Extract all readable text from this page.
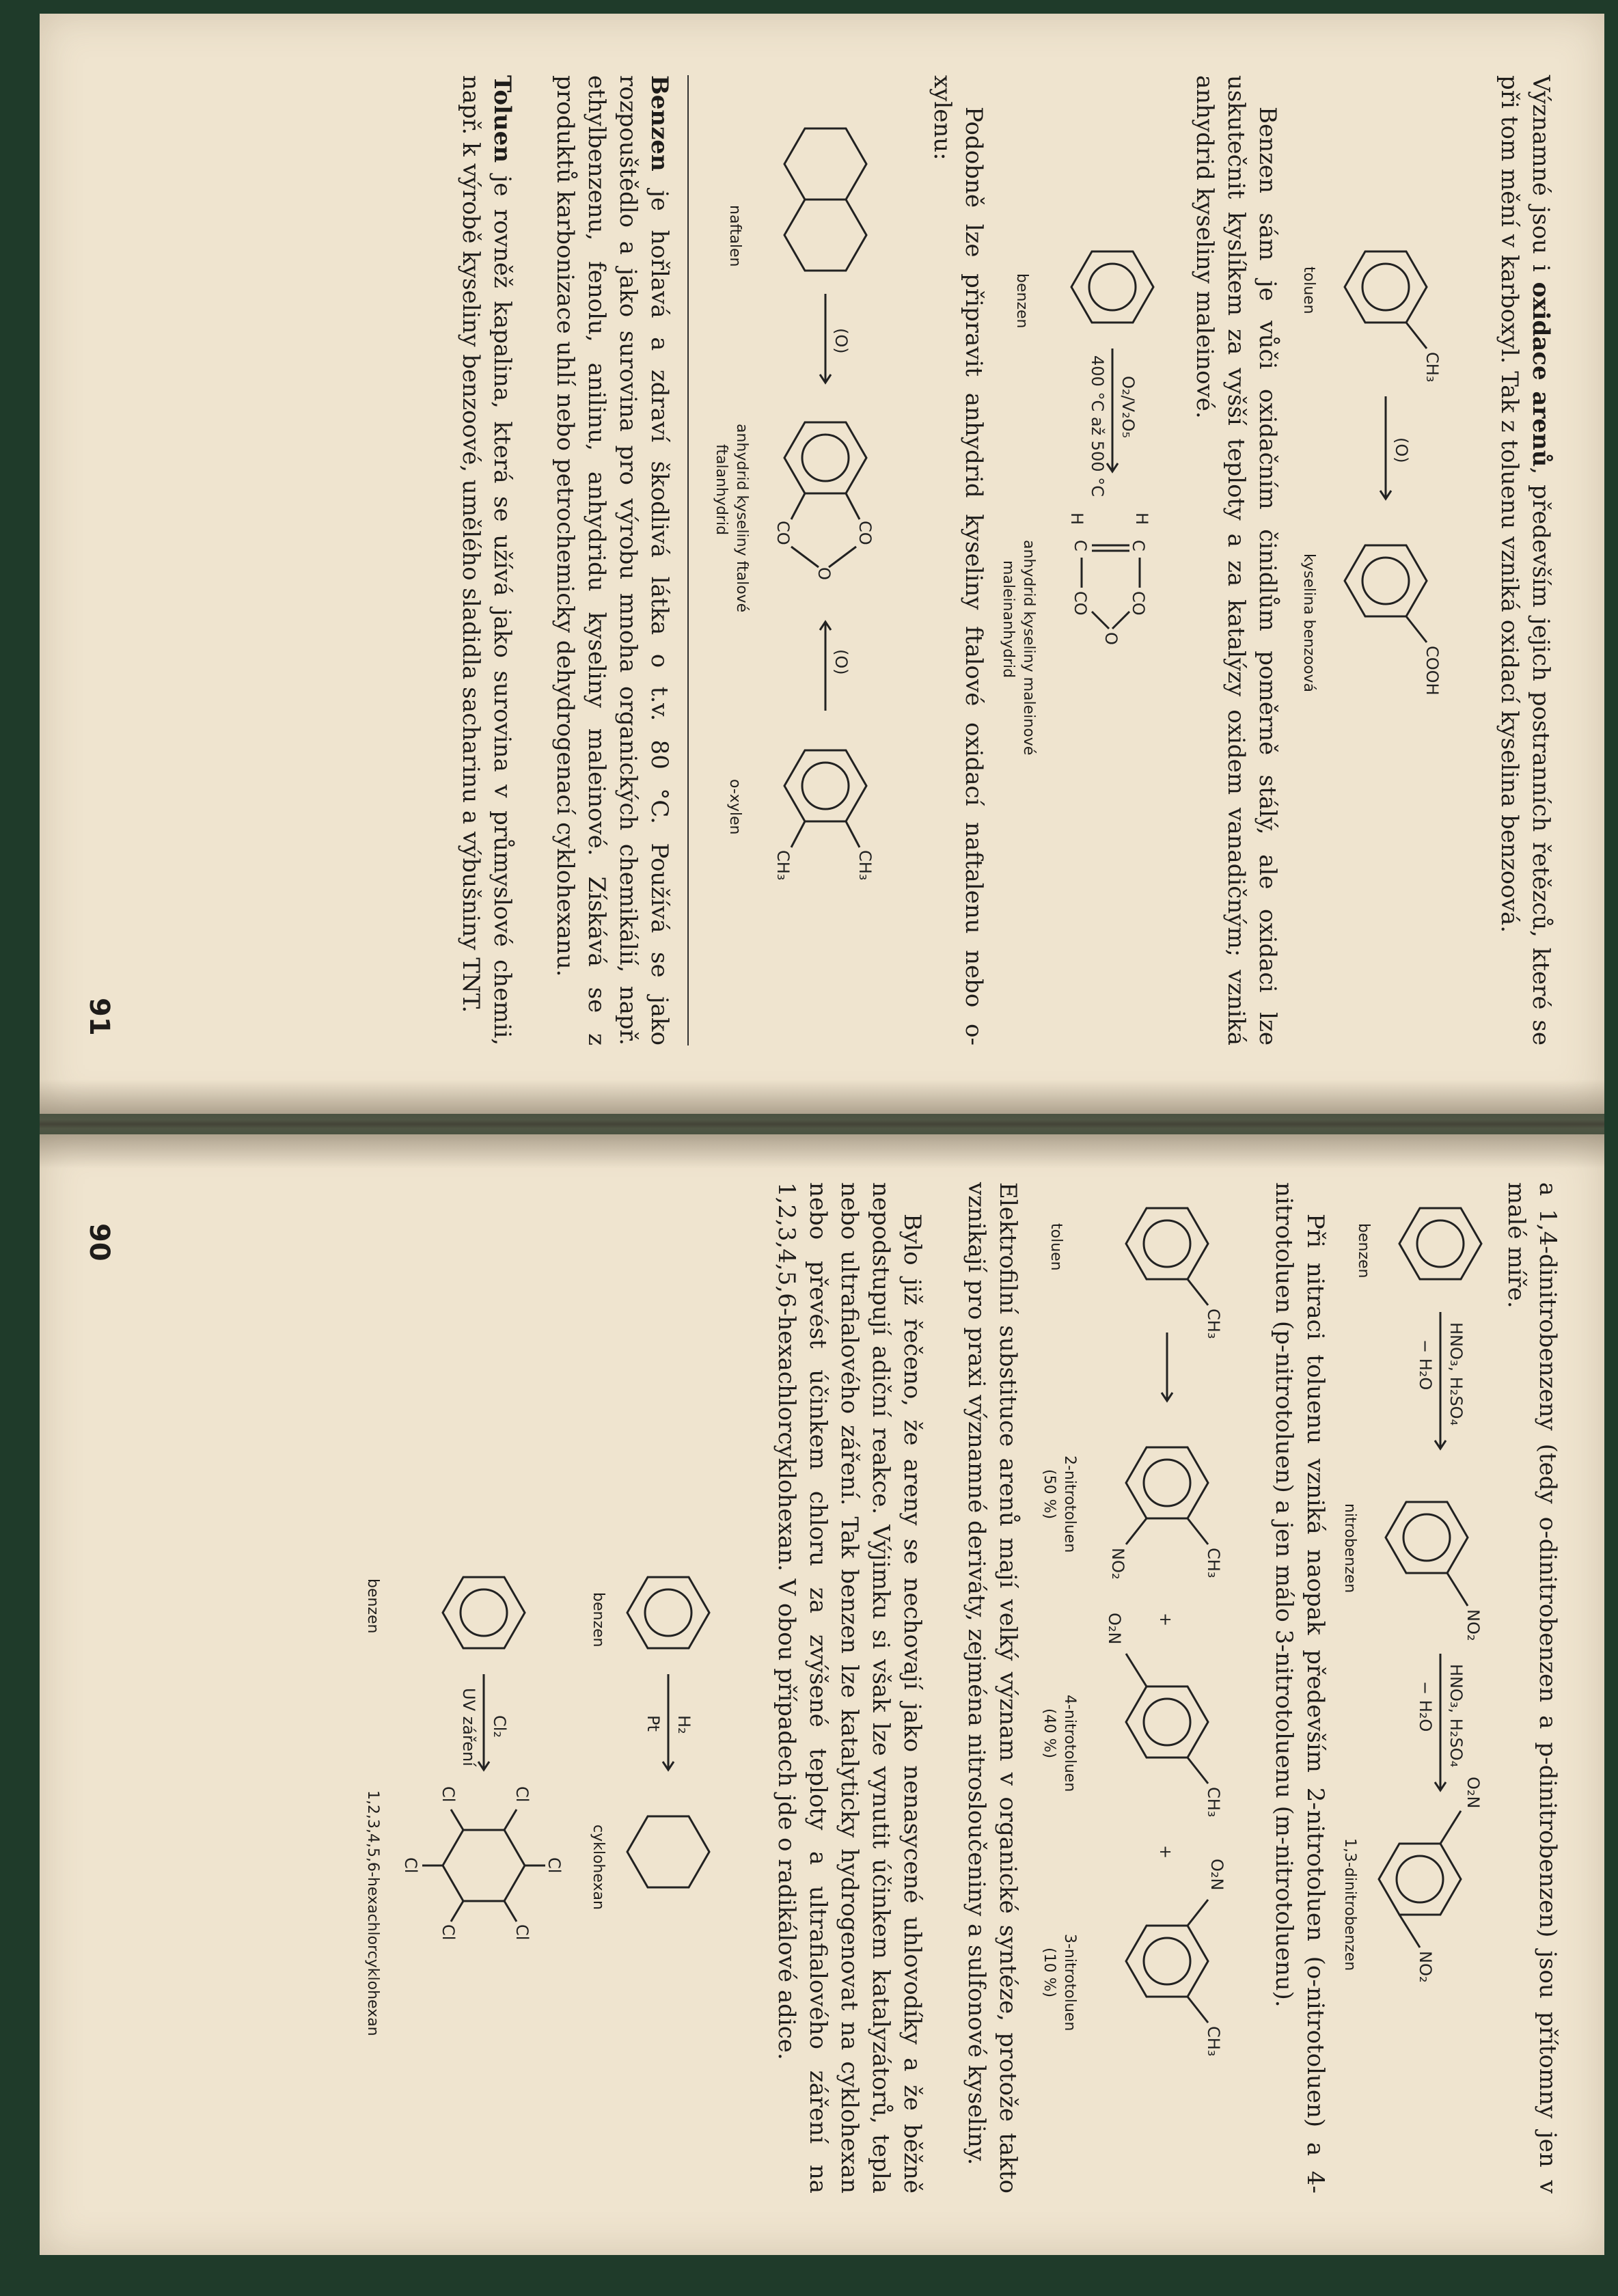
a 1,4-dinitrobenzeny (tedy o-dinitrobenzen a p-dinitrobenzen) jsou přítomny jen v malé míře.
HNO₃, H₂SO₄
− H₂O
NO₂
HNO₃, H₂SO₄
− H₂O
O₂N
NO₂
benzen
nitrobenzen
1,3-dinitrobenzen
Při nitraci toluenu vzniká naopak především 2-nitrotoluen (o-nitrotoluen) a 4-nitrotoluen (p-nitrotoluen) a jen málo 3-nitrotoluenu (m-nitrotoluenu).
CH₃
CH₃
NO₂
+
CH₃
O₂N
+
CH₃
O₂N
toluen
2-nitrotoluen
(50 %)
4-nitrotoluen
(40 %)
3-nitrotoluen
(10 %)
Elektrofilní substituce arenů mají velký význam v organické syntéze, protože takto vznikají pro praxi významné deriváty, zejména nitrosloučeniny a sulfonové kyseliny.
Bylo již řečeno, že areny se nechovají jako nenasycené uhlovodíky a že běžně nepodstupují adiční reakce. Výjimku si však lze vynutit účinkem katalyzátorů, tepla nebo ultrafialového záření. Tak benzen lze katalyticky hydrogenovat na cyklohexan nebo převést účinkem chloru za zvýšené teploty a ultrafialového záření na 1,2,3,4,5,6-hexachlorcyklohexan. V obou případech jde o radikálové adice.
H₂
Pt
benzen
cyklohexan
Cl₂
UV záření
Cl
Cl
Cl
Cl
Cl	Cl
benzen
1,2,3,4,5,6-hexachlorcyklohexan
90
Významné jsou i oxidace arenů, především jejich postranních řetězců, které se při tom mění v karboxyl. Tak z toluenu vzniká oxidací kyselina benzoová.
CH₃
(O)
COOH
toluen
kyselina benzoová
Benzen sám je vůči oxidačním činidlům poměrně stálý, ale oxidaci lze uskutečnit kyslíkem za vyšší teploty a za katalýzy oxidem vanadičným; vzniká anhydrid kyseliny maleinové.
O₂/V₂O₅
400 °C až 500 °C
H
C
C
H
CO
CO
O
benzen
anhydrid kyseliny maleinové
maleinanhydrid
Podobně lze připravit anhydrid kyseliny ftalové oxidací naftalenu nebo o-xylenu:
(O)
CO
CO
O
(O)
CH₃
CH₃
naftalen
anhydrid kyseliny ftalové
ftalanhydrid
o-xylen
Benzen je hořlavá a zdraví škodlivá látka o t.v. 80 °C. Používá se jako rozpouštědlo a jako surovina pro výrobu mnoha organických chemikálií, např. ethylbenzenu, fenolu, anilinu, anhydridu kyseliny maleinové. Získává se z produktů karbonizace uhlí nebo petrochemicky dehydrogenací cyklohexanu.
Toluen je rovněž kapalina, která se užívá jako surovina v průmyslové chemii, např. k výrobě kyseliny benzoové, umělého sladidla sacharinu a výbušniny TNT.
91
